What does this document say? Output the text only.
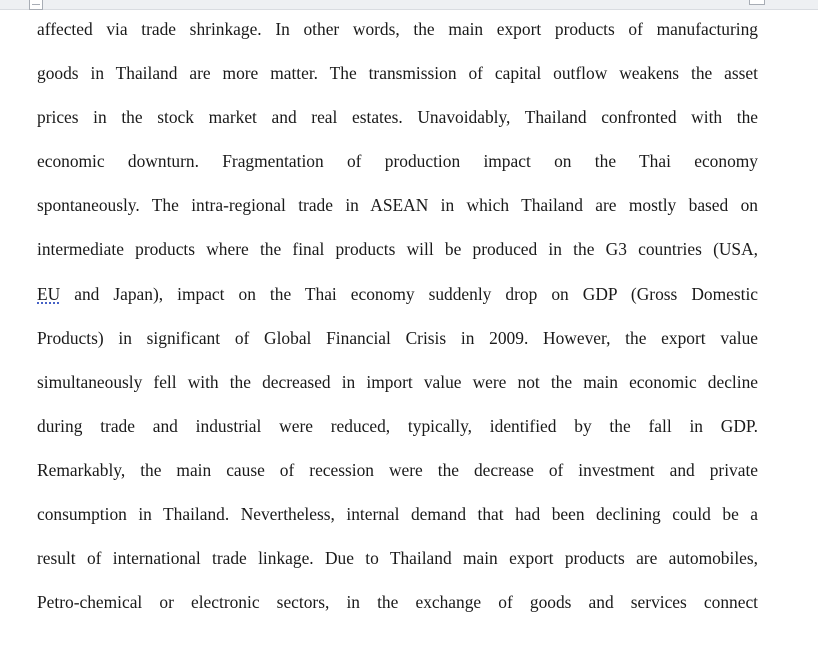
affected via trade shrinkage. In other words, the main export products of manufacturing
goods in Thailand are more matter. The transmission of capital outflow weakens the asset
prices in the stock market and real estates. Unavoidably, Thailand confronted with the
economic downturn. Fragmentation of production impact on the Thai economy
spontaneously. The intra-regional trade in ASEAN in which Thailand are mostly based on
intermediate products where the final products will be produced in the G3 countries (USA,
EU and Japan), impact on the Thai economy suddenly drop on GDP (Gross Domestic
Products) in significant of Global Financial Crisis in 2009. However, the export value
simultaneously fell with the decreased in import value were not the main economic decline
during trade and industrial were reduced, typically, identified by the fall in GDP.
Remarkably, the main cause of recession were the decrease of investment and private
consumption in Thailand. Nevertheless, internal demand that had been declining could be a
result of international trade linkage. Due to Thailand main export products are automobiles,
Petro-chemical or electronic sectors, in the exchange of goods and services connect
